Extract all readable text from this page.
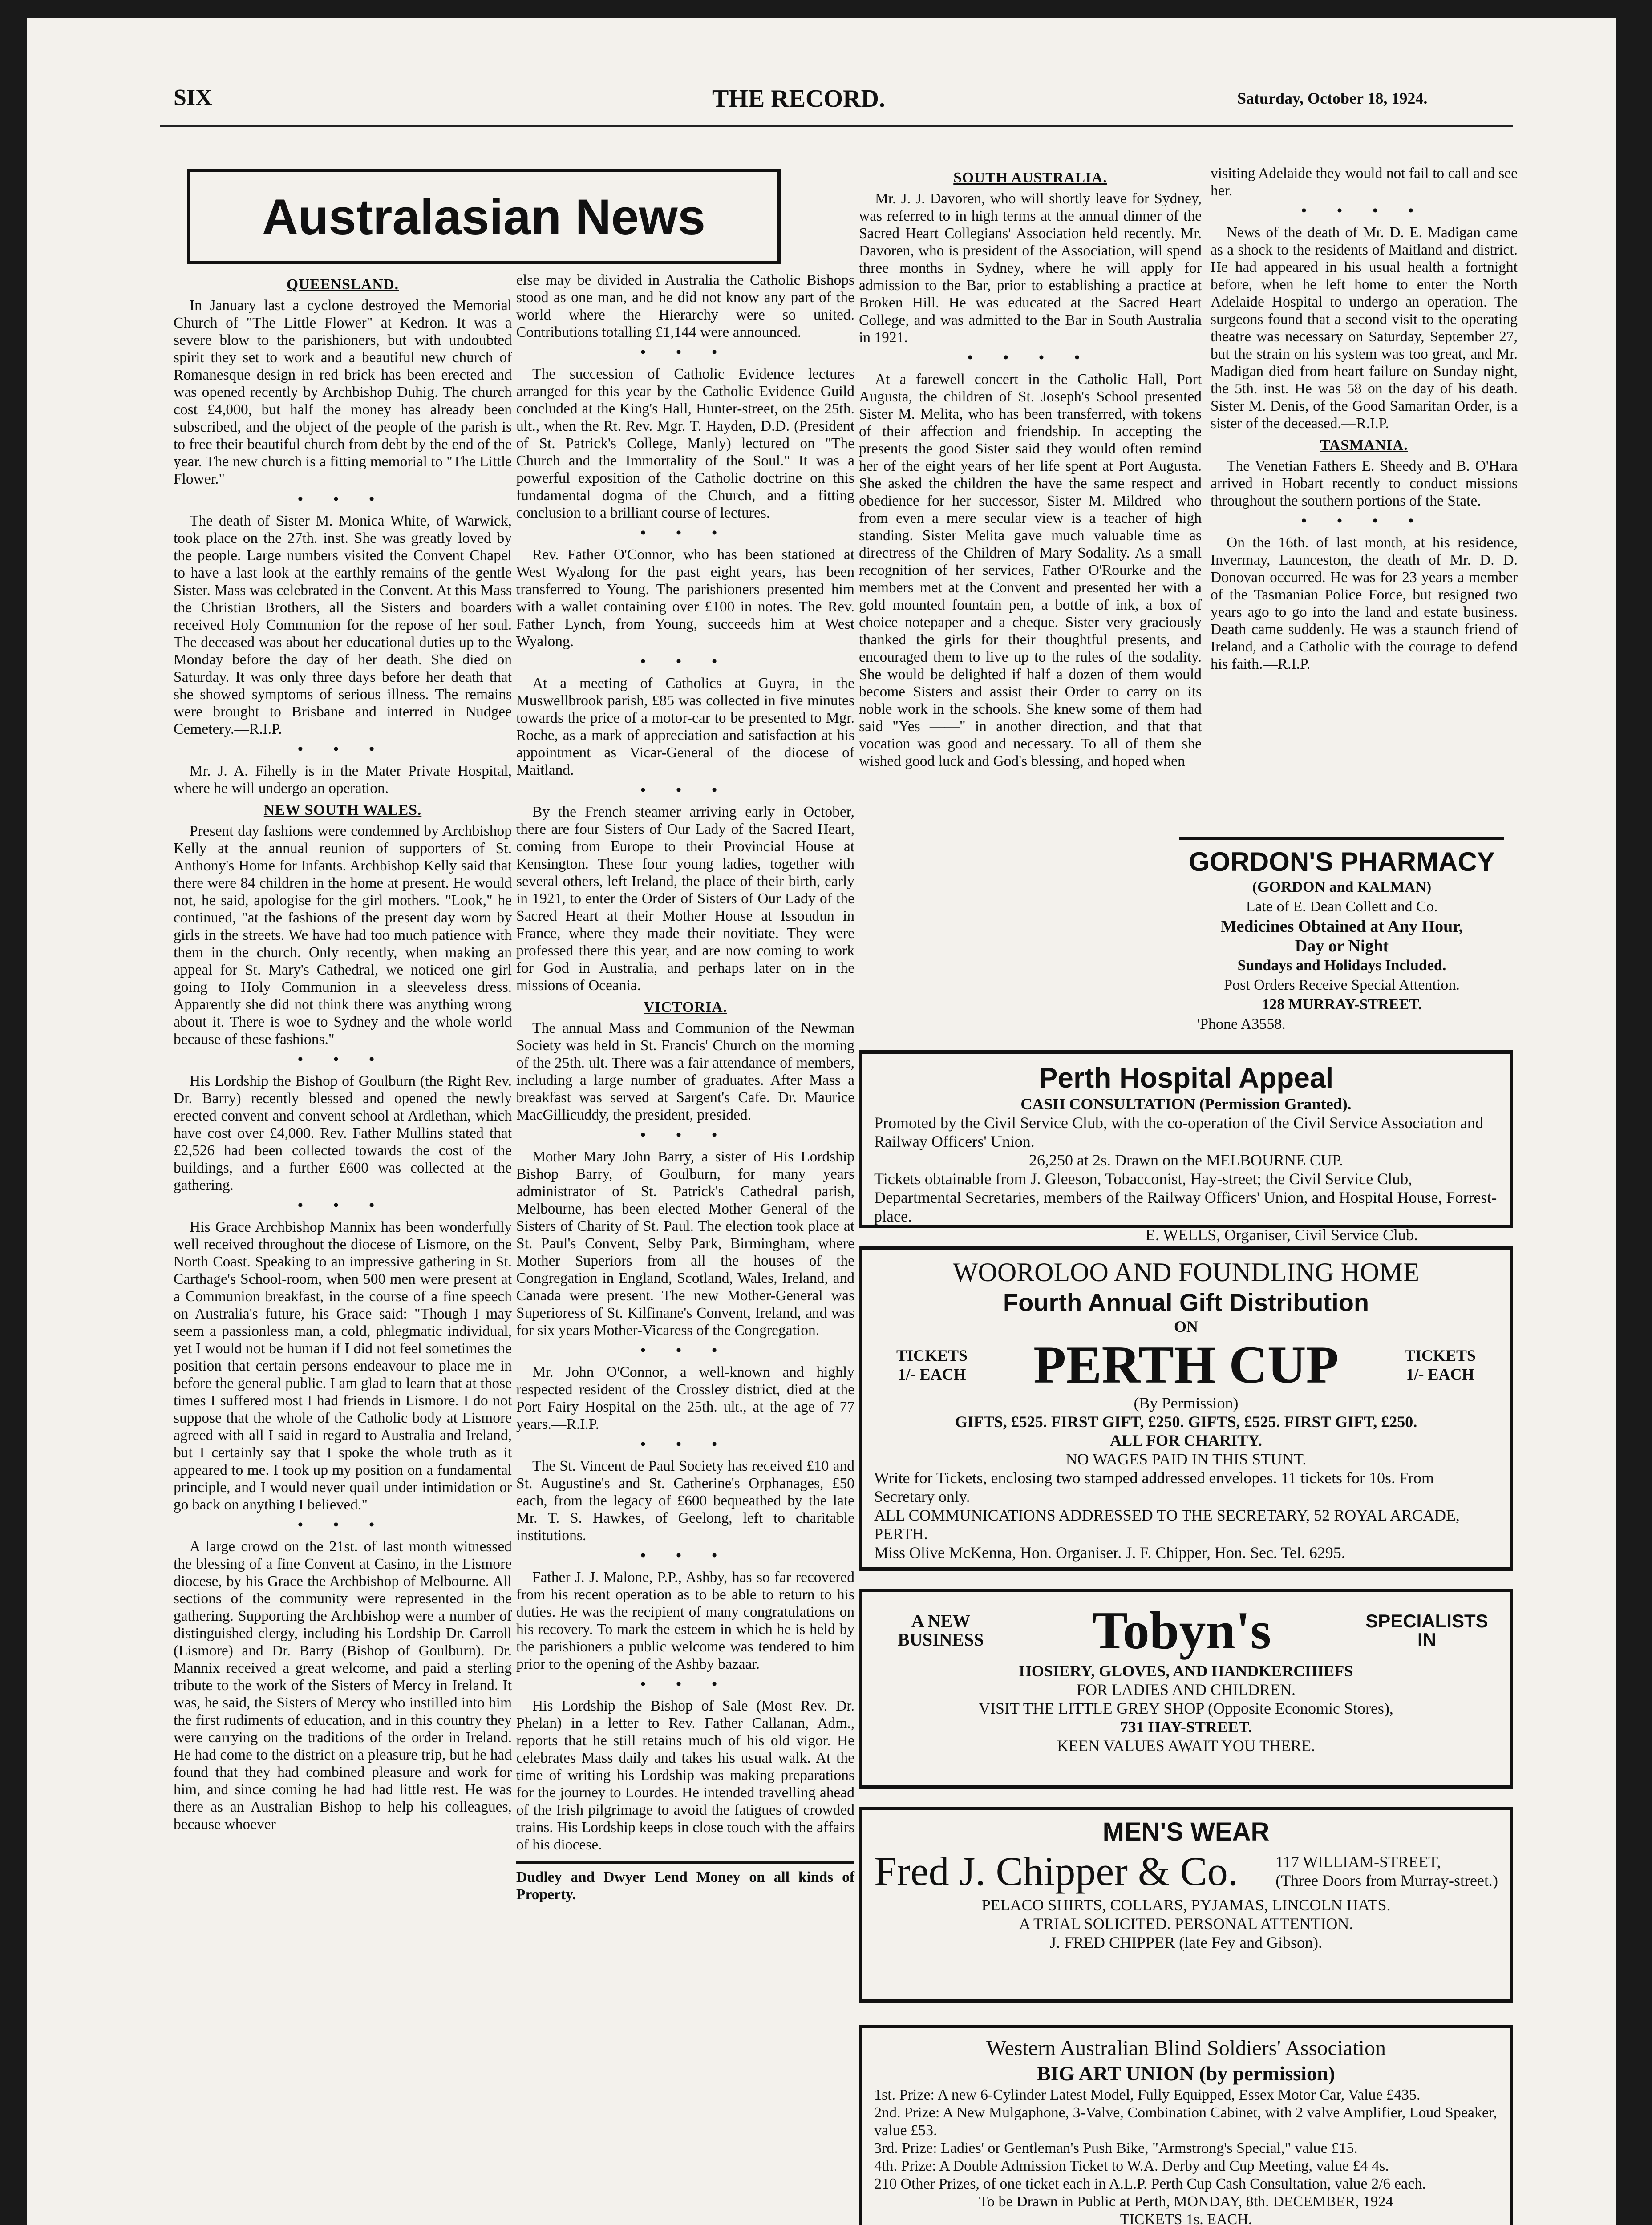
SIX	THE RECORD.	Saturday, October 18, 1924.
Australasian News

QUEENSLAND.

In January last a cyclone destroyed the Memorial Church of "The Little Flower" at Kedron. It was a severe blow to the parishioners, but with undoubted spirit they set to work and a beautiful new church of Romanesque design in red brick has been erected and was opened recently by Archbishop Duhig. The church cost £4,000, but half the money has already been subscribed, and the object of the people of the parish is to free their beautiful church from debt by the end of the year. The new church is a fitting memorial to "The Little Flower."

• • •

The death of Sister M. Monica White, of Warwick, took place on the 27th. inst. She was greatly loved by the people. Large numbers visited the Convent Chapel to have a last look at the earthly remains of the gentle Sister. Mass was celebrated in the Convent. At this Mass the Christian Brothers, all the Sisters and boarders received Holy Communion for the repose of her soul. The deceased was about her educational duties up to the Monday before the day of her death. She died on Saturday. It was only three days before her death that she showed symptoms of serious illness. The remains were brought to Brisbane and interred in Nudgee Cemetery.—R.I.P.

• • •

Mr. J. A. Fihelly is in the Mater Private Hospital, where he will undergo an operation.

NEW SOUTH WALES.

Present day fashions were condemned by Archbishop Kelly at the annual reunion of supporters of St. Anthony's Home for Infants. Archbishop Kelly said that there were 84 children in the home at present. He would not, he said, apologise for the girl mothers. "Look," he continued, "at the fashions of the present day worn by girls in the streets. We have had too much patience with them in the church. Only recently, when making an appeal for St. Mary's Cathedral, we noticed one girl going to Holy Communion in a sleeveless dress. Apparently she did not think there was anything wrong about it. There is woe to Sydney and the whole world because of these fashions."

• • •

His Lordship the Bishop of Goulburn (the Right Rev. Dr. Barry) recently blessed and opened the newly erected convent and convent school at Ardlethan, which have cost over £4,000. Rev. Father Mullins stated that £2,526 had been collected towards the cost of the buildings, and a further £600 was collected at the gathering.

• • •

His Grace Archbishop Mannix has been wonderfully well received throughout the diocese of Lismore, on the North Coast. Speaking to an impressive gathering in St. Carthage's School-room, when 500 men were present at a Communion breakfast, in the course of a fine speech on Australia's future, his Grace said: "Though I may seem a passionless man, a cold, phlegmatic individual, yet I would not be human if I did not feel sometimes the position that certain persons endeavour to place me in before the general public. I am glad to learn that at those times I suffered most I had friends in Lismore. I do not suppose that the whole of the Catholic body at Lismore agreed with all I said in regard to Australia and Ireland, but I certainly say that I spoke the whole truth as it appeared to me. I took up my position on a fundamental principle, and I would never quail under intimidation or go back on anything I believed."

• • •

A large crowd on the 21st. of last month witnessed the blessing of a fine Convent at Casino, in the Lismore diocese, by his Grace the Archbishop of Melbourne. All sections of the community were represented in the gathering. Supporting the Archbishop were a number of distinguished clergy, including his Lordship Dr. Carroll (Lismore) and Dr. Barry (Bishop of Goulburn). Dr. Mannix received a great welcome, and paid a sterling tribute to the work of the Sisters of Mercy in Ireland. It was, he said, the Sisters of Mercy who instilled into him the first rudiments of education, and in this country they were carrying on the traditions of the order in Ireland. He had come to the district on a pleasure trip, but he had found that they had combined pleasure and work for him, and since coming he had had little rest. He was there as an Australian Bishop to help his colleagues, because whoever

else may be divided in Australia the Catholic Bishops stood as one man, and he did not know any part of the world where the Hierarchy were so united. Contributions totalling £1,144 were announced.

• • •

The succession of Catholic Evidence lectures arranged for this year by the Catholic Evidence Guild concluded at the King's Hall, Hunter-street, on the 25th. ult., when the Rt. Rev. Mgr. T. Hayden, D.D. (President of St. Patrick's College, Manly) lectured on "The Church and the Immortality of the Soul." It was a powerful exposition of the Catholic doctrine on this fundamental dogma of the Church, and a fitting conclusion to a brilliant course of lectures.

• • •

Rev. Father O'Connor, who has been stationed at West Wyalong for the past eight years, has been transferred to Young. The parishioners presented him with a wallet containing over £100 in notes. The Rev. Father Lynch, from Young, succeeds him at West Wyalong.

• • •

At a meeting of Catholics at Guyra, in the Muswellbrook parish, £85 was collected in five minutes towards the price of a motor-car to be presented to Mgr. Roche, as a mark of appreciation and satisfaction at his appointment as Vicar-General of the diocese of Maitland.

• • •

By the French steamer arriving early in October, there are four Sisters of Our Lady of the Sacred Heart, coming from Europe to their Provincial House at Kensington. These four young ladies, together with several others, left Ireland, the place of their birth, early in 1921, to enter the Order of Sisters of Our Lady of the Sacred Heart at their Mother House at Issoudun in France, where they made their novitiate. They were professed there this year, and are now coming to work for God in Australia, and perhaps later on in the missions of Oceania.

VICTORIA.

The annual Mass and Communion of the Newman Society was held in St. Francis' Church on the morning of the 25th. ult. There was a fair attendance of members, including a large number of graduates. After Mass a breakfast was served at Sargent's Cafe. Dr. Maurice MacGillicuddy, the president, presided.

• • •

Mother Mary John Barry, a sister of His Lordship Bishop Barry, of Goulburn, for many years administrator of St. Patrick's Cathedral parish, Melbourne, has been elected Mother General of the Sisters of Charity of St. Paul. The election took place at St. Paul's Convent, Selby Park, Birmingham, where Mother Superiors from all the houses of the Congregation in England, Scotland, Wales, Ireland, and Canada were present. The new Mother-General was Superioress of St. Kilfinane's Convent, Ireland, and was for six years Mother-Vicaress of the Congregation.

• • •

Mr. John O'Connor, a well-known and highly respected resident of the Crossley district, died at the Port Fairy Hospital on the 25th. ult., at the age of 77 years.—R.I.P.

• • •

The St. Vincent de Paul Society has received £10 and St. Augustine's and St. Catherine's Orphanages, £50 each, from the legacy of £600 bequeathed by the late Mr. T. S. Hawkes, of Geelong, left to charitable institutions.

• • •

Father J. J. Malone, P.P., Ashby, has so far recovered from his recent operation as to be able to return to his duties. He was the recipient of many congratulations on his recovery. To mark the esteem in which he is held by the parishioners a public welcome was tendered to him prior to the opening of the Ashby bazaar.

• • •

His Lordship the Bishop of Sale (Most Rev. Dr. Phelan) in a letter to Rev. Father Callanan, Adm., reports that he still retains much of his old vigor. He celebrates Mass daily and takes his usual walk. At the time of writing his Lordship was making preparations for the journey to Lourdes. He intended travelling ahead of the Irish pilgrimage to avoid the fatigues of crowded trains. His Lordship keeps in close touch with the affairs of his diocese.

Dudley and Dwyer Lend Money on all kinds of Property.

SOUTH AUSTRALIA.

Mr. J. J. Davoren, who will shortly leave for Sydney, was referred to in high terms at the annual dinner of the Sacred Heart Collegians' Association held recently. Mr. Davoren, who is president of the Association, will spend three months in Sydney, where he will apply for admission to the Bar, prior to establishing a practice at Broken Hill. He was educated at the Sacred Heart College, and was admitted to the Bar in South Australia in 1921.

• • • •

At a farewell concert in the Catholic Hall, Port Augusta, the children of St. Joseph's School presented Sister M. Melita, who has been transferred, with tokens of their affection and friendship. In accepting the presents the good Sister said they would often remind her of the eight years of her life spent at Port Augusta. She asked the children the have the same respect and obedience for her successor, Sister M. Mildred—who from even a mere secular view is a teacher of high standing. Sister Melita gave much valuable time as directress of the Children of Mary Sodality. As a small recognition of her services, Father O'Rourke and the members met at the Convent and presented her with a gold mounted fountain pen, a bottle of ink, a box of choice notepaper and a cheque. Sister very graciously thanked the girls for their thoughtful presents, and encouraged them to live up to the rules of the sodality. She would be delighted if half a dozen of them would become Sisters and assist their Order to carry on its noble work in the schools. She knew some of them had said "Yes ——" in another direction, and that that vocation was good and necessary. To all of them she wished good luck and God's blessing, and hoped when

visiting Adelaide they would not fail to call and see her.

• • • •

News of the death of Mr. D. E. Madigan came as a shock to the residents of Maitland and district. He had appeared in his usual health a fortnight before, when he left home to enter the North Adelaide Hospital to undergo an operation. The surgeons found that a second visit to the operating theatre was necessary on Saturday, September 27, but the strain on his system was too great, and Mr. Madigan died from heart failure on Sunday night, the 5th. inst. He was 58 on the day of his death. Sister M. Denis, of the Good Samaritan Order, is a sister of the deceased.—R.I.P.

TASMANIA.

The Venetian Fathers E. Sheedy and B. O'Hara arrived in Hobart recently to conduct missions throughout the southern portions of the State.

• • • •

On the 16th. of last month, at his residence, Invermay, Launceston, the death of Mr. D. D. Donovan occurred. He was for 23 years a member of the Tasmanian Police Force, but resigned two years ago to go into the land and estate business. Death came suddenly. He was a staunch friend of Ireland, and a Catholic with the courage to defend his faith.—R.I.P.

GORDON'S PHARMACY
(GORDON and KALMAN)
Late of E. Dean Collett and Co.
Medicines Obtained at Any Hour,
Day or Night
Sundays and Holidays Included.
Post Orders Receive Special Attention.
128 MURRAY-STREET.
'Phone A3558.
Perth Hospital Appeal
CASH CONSULTATION (Permission Granted).
Promoted by the Civil Service Club, with the co-operation of the Civil Service Association and Railway Officers' Union.
26,250 at 2s. Drawn on the MELBOURNE CUP.
Tickets obtainable from J. Gleeson, Tobacconist, Hay-street; the Civil Service Club, Departmental Secretaries, members of the Railway Officers' Union, and Hospital House, Forrest-place.
E. WELLS, Organiser, Civil Service Club.
WOOROLOO AND FOUNDLING HOME
Fourth Annual Gift Distribution
ON
TICKETS
1/- EACH	PERTH CUP	TICKETS
1/- EACH
(By Permission)
GIFTS, £525. FIRST GIFT, £250. GIFTS, £525. FIRST GIFT, £250.
ALL FOR CHARITY.
NO WAGES PAID IN THIS STUNT.
Write for Tickets, enclosing two stamped addressed envelopes. 11 tickets for 10s. From Secretary only.
ALL COMMUNICATIONS ADDRESSED TO THE SECRETARY, 52 ROYAL ARCADE, PERTH.
Miss Olive McKenna, Hon. Organiser. J. F. Chipper, Hon. Sec. Tel. 6295.
A NEW BUSINESS	Tobyn's	SPECIALISTS IN
HOSIERY, GLOVES, AND HANDKERCHIEFS
FOR LADIES AND CHILDREN.
VISIT THE LITTLE GREY SHOP (Opposite Economic Stores),
731 HAY-STREET.
KEEN VALUES AWAIT YOU THERE.
MEN'S WEAR
Fred J. Chipper & Co. 117 WILLIAM-STREET,
(Three Doors from Murray-street.)
PELACO SHIRTS, COLLARS, PYJAMAS, LINCOLN HATS.
A TRIAL SOLICITED. PERSONAL ATTENTION.
J. FRED CHIPPER (late Fey and Gibson).
Western Australian Blind Soldiers' Association
BIG ART UNION (by permission)
1st. Prize: A new 6-Cylinder Latest Model, Fully Equipped, Essex Motor Car, Value £435.
2nd. Prize: A New Mulgaphone, 3-Valve, Combination Cabinet, with 2 valve Amplifier, Loud Speaker, value £53.
3rd. Prize: Ladies' or Gentleman's Push Bike, "Armstrong's Special," value £15.
4th. Prize: A Double Admission Ticket to W.A. Derby and Cup Meeting, value £4 4s.
210 Other Prizes, of one ticket each in A.L.P. Perth Cup Cash Consultation, value 2/6 each.
To be Drawn in Public at Perth, MONDAY, 8th. DECEMBER, 1924
TICKETS 1s. EACH.
